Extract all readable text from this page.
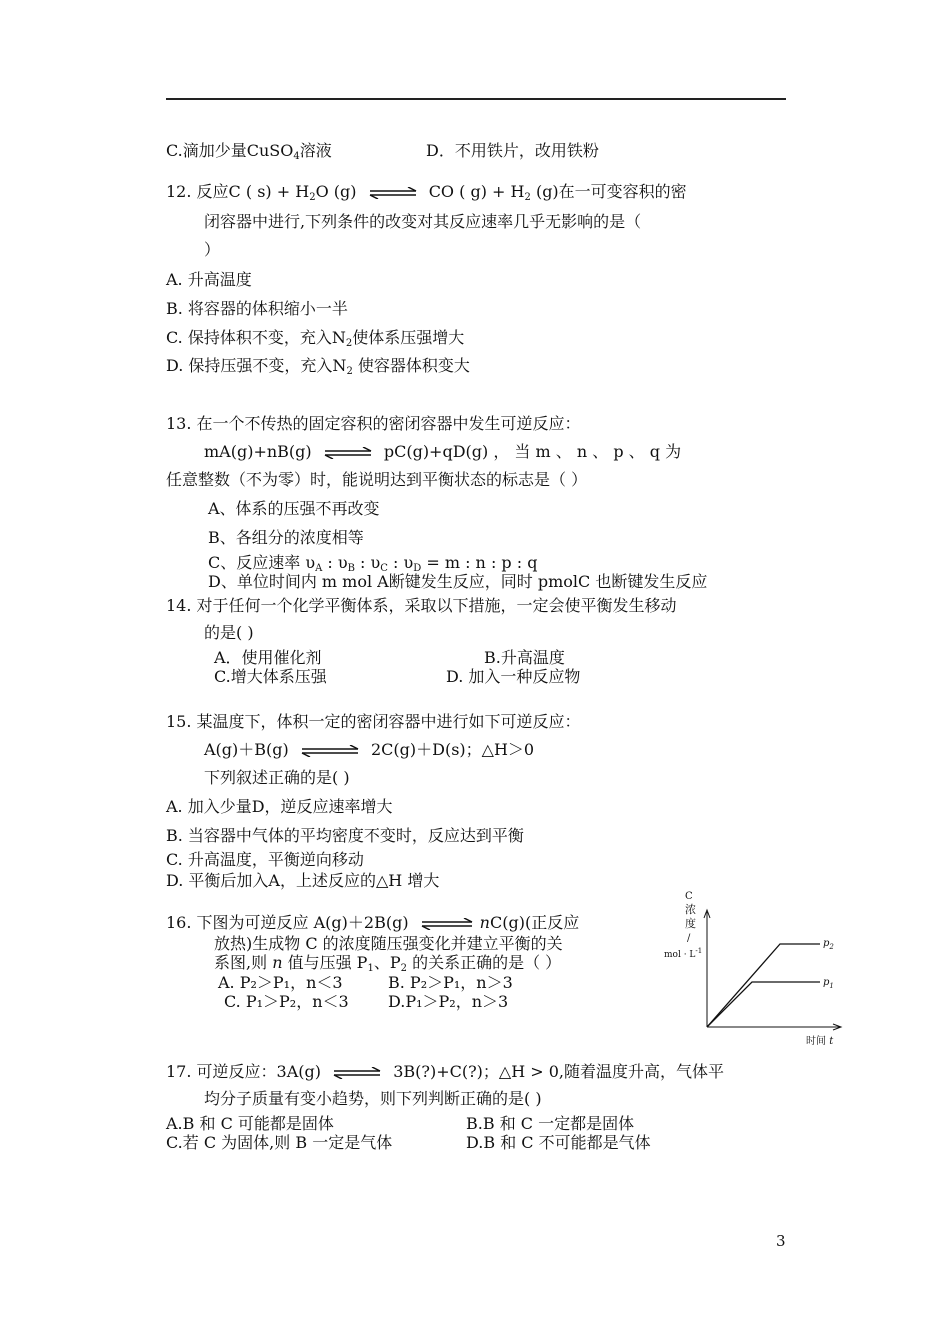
C.滴加少量CuSO$_4$溶液	D．不用铁片，改用铁粉
12. 反应C ( $s) + H_2O$ (g) ⇌ CO ( $g) + H_2$ (g)在一可变容积的密
闭容器中进行,下列条件的改变对其反应速率几乎无影响的是（
）
A. 升高温度
B. 将容器的体积缩小一半
C. 保持体积不变，充入$N_2$使体系压强增大
D. 保持压强不变，充入$N_2$ 使容器体积变大
13. 在一个不传热的固定容积的密闭容器中发生可逆反应：
mA(g)+nB(g) ⇌ pC(g)+qD(g) ， 当 m 、 n 、 p 、 q 为
任意整数（不为零）时，能说明达到平衡状态的标志是（ ）
A、体系的压强不再改变
B、各组分的浓度相等
C、反应速率 $\upsilon_A$ : $\upsilon_B$ : $\upsilon_C$ : $\upsilon_D = m$ : n : p : q
D、单位时间内 m mol A断键发生反应，同时 pmolC 也断键发生反应
14. 对于任何一个化学平衡体系，采取以下措施，一定会使平衡发生移动
的是( )
A．使用催化剂	B.升高温度
C.增大体系压强	D. 加入一种反应物
15. 某温度下，体积一定的密闭容器中进行如下可逆反应：
A(g)＋B(g) ⇌ 2C(g)＋D(s)；△H＞0
下列叙述正确的是( )
A. 加入少量D，逆反应速率增大
B. 当容器中气体的平均密度不变时，反应达到平衡
C. 升高温度，平衡逆向移动
D. 平衡后加入A，上述反应的△H 增大
16. 下图为可逆反应 A(g)＋2B(g) ⇌ nC(g)(正反应
放热)生成物 C 的浓度随压强变化并建立平衡的关
系图,则 n 值与压强 $P_1$、$P_2$ 的关系正确的是（ ）
A. P₂＞P₁，n＜3	B. P₂＞P₁，n＞3
C. P₁＞P₂，n＜3 D.P₁＞P₂，n＞3
C
浓
度
/
mol · $L^{-1}$
$p_2$
$p_1$
时间 t
17. 可逆反应：3A(g) ⇌ 3B(?)+C(?)；△H > 0,随着温度升高，气体平
均分子质量有变小趋势，则下列判断正确的是( )
A.B 和 C 可能都是固体	B.B 和 C 一定都是固体
C.若 C 为固体,则 B 一定是气体	D.B 和 C 不可能都是气体
3
